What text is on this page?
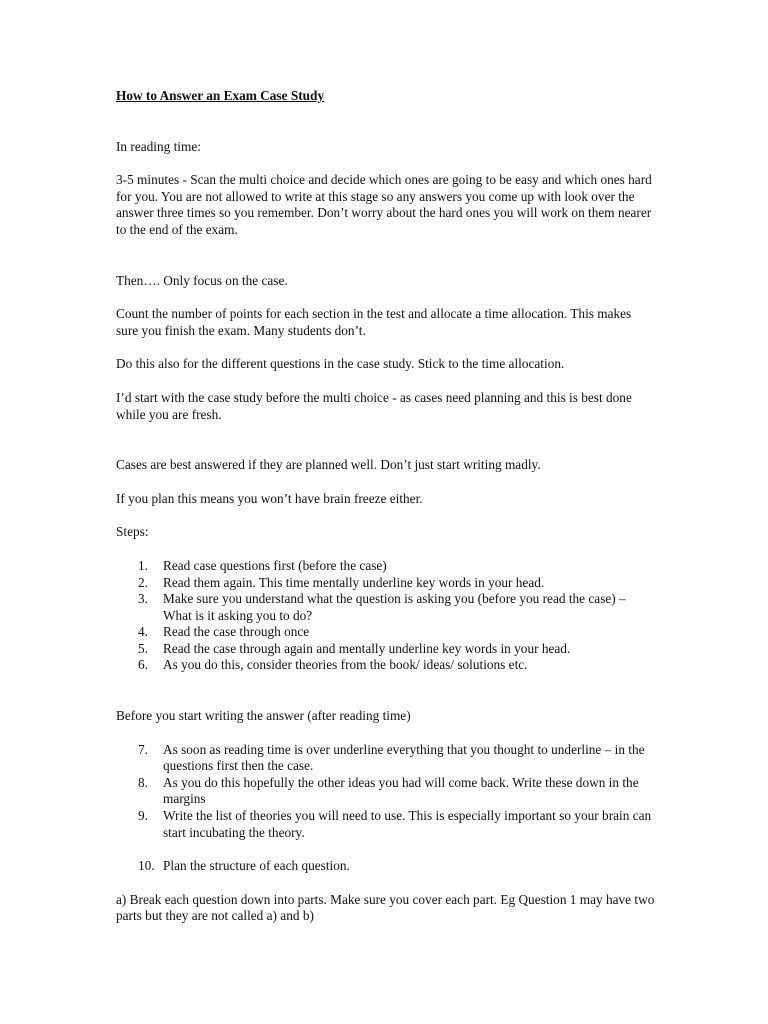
How to Answer an Exam Case Study

In reading time:

3-5 minutes - Scan the multi choice and decide which ones are going to be easy and which ones hard for you. You are not allowed to write at this stage so any answers you come up with look over the answer three times so you remember. Don’t worry about the hard ones you will work on them nearer to the end of the exam.

Then…. Only focus on the case.

Count the number of points for each section in the test and allocate a time allocation. This makes sure you finish the exam. Many students don’t.

Do this also for the different questions in the case study. Stick to the time allocation.

I’d start with the case study before the multi choice - as cases need planning and this is best done while you are fresh.

Cases are best answered if they are planned well. Don’t just start writing madly.

If you plan this means you won’t have brain freeze either.

Steps:

1. Read case questions first (before the case)
2. Read them again. This time mentally underline key words in your head.
3. Make sure you understand what the question is asking you (before you read the case) – What is it asking you to do?
4. Read the case through once
5. Read the case through again and mentally underline key words in your head.
6. As you do this, consider theories from the book/ ideas/ solutions etc.

Before you start writing the answer (after reading time)

7. As soon as reading time is over underline everything that you thought to underline – in the questions first then the case.
8. As you do this hopefully the other ideas you had will come back. Write these down in the margins
9. Write the list of theories you will need to use. This is especially important so your brain can start incubating the theory.
10. Plan the structure of each question.

a) Break each question down into parts. Make sure you cover each part. Eg Question 1 may have two parts but they are not called a) and b)
